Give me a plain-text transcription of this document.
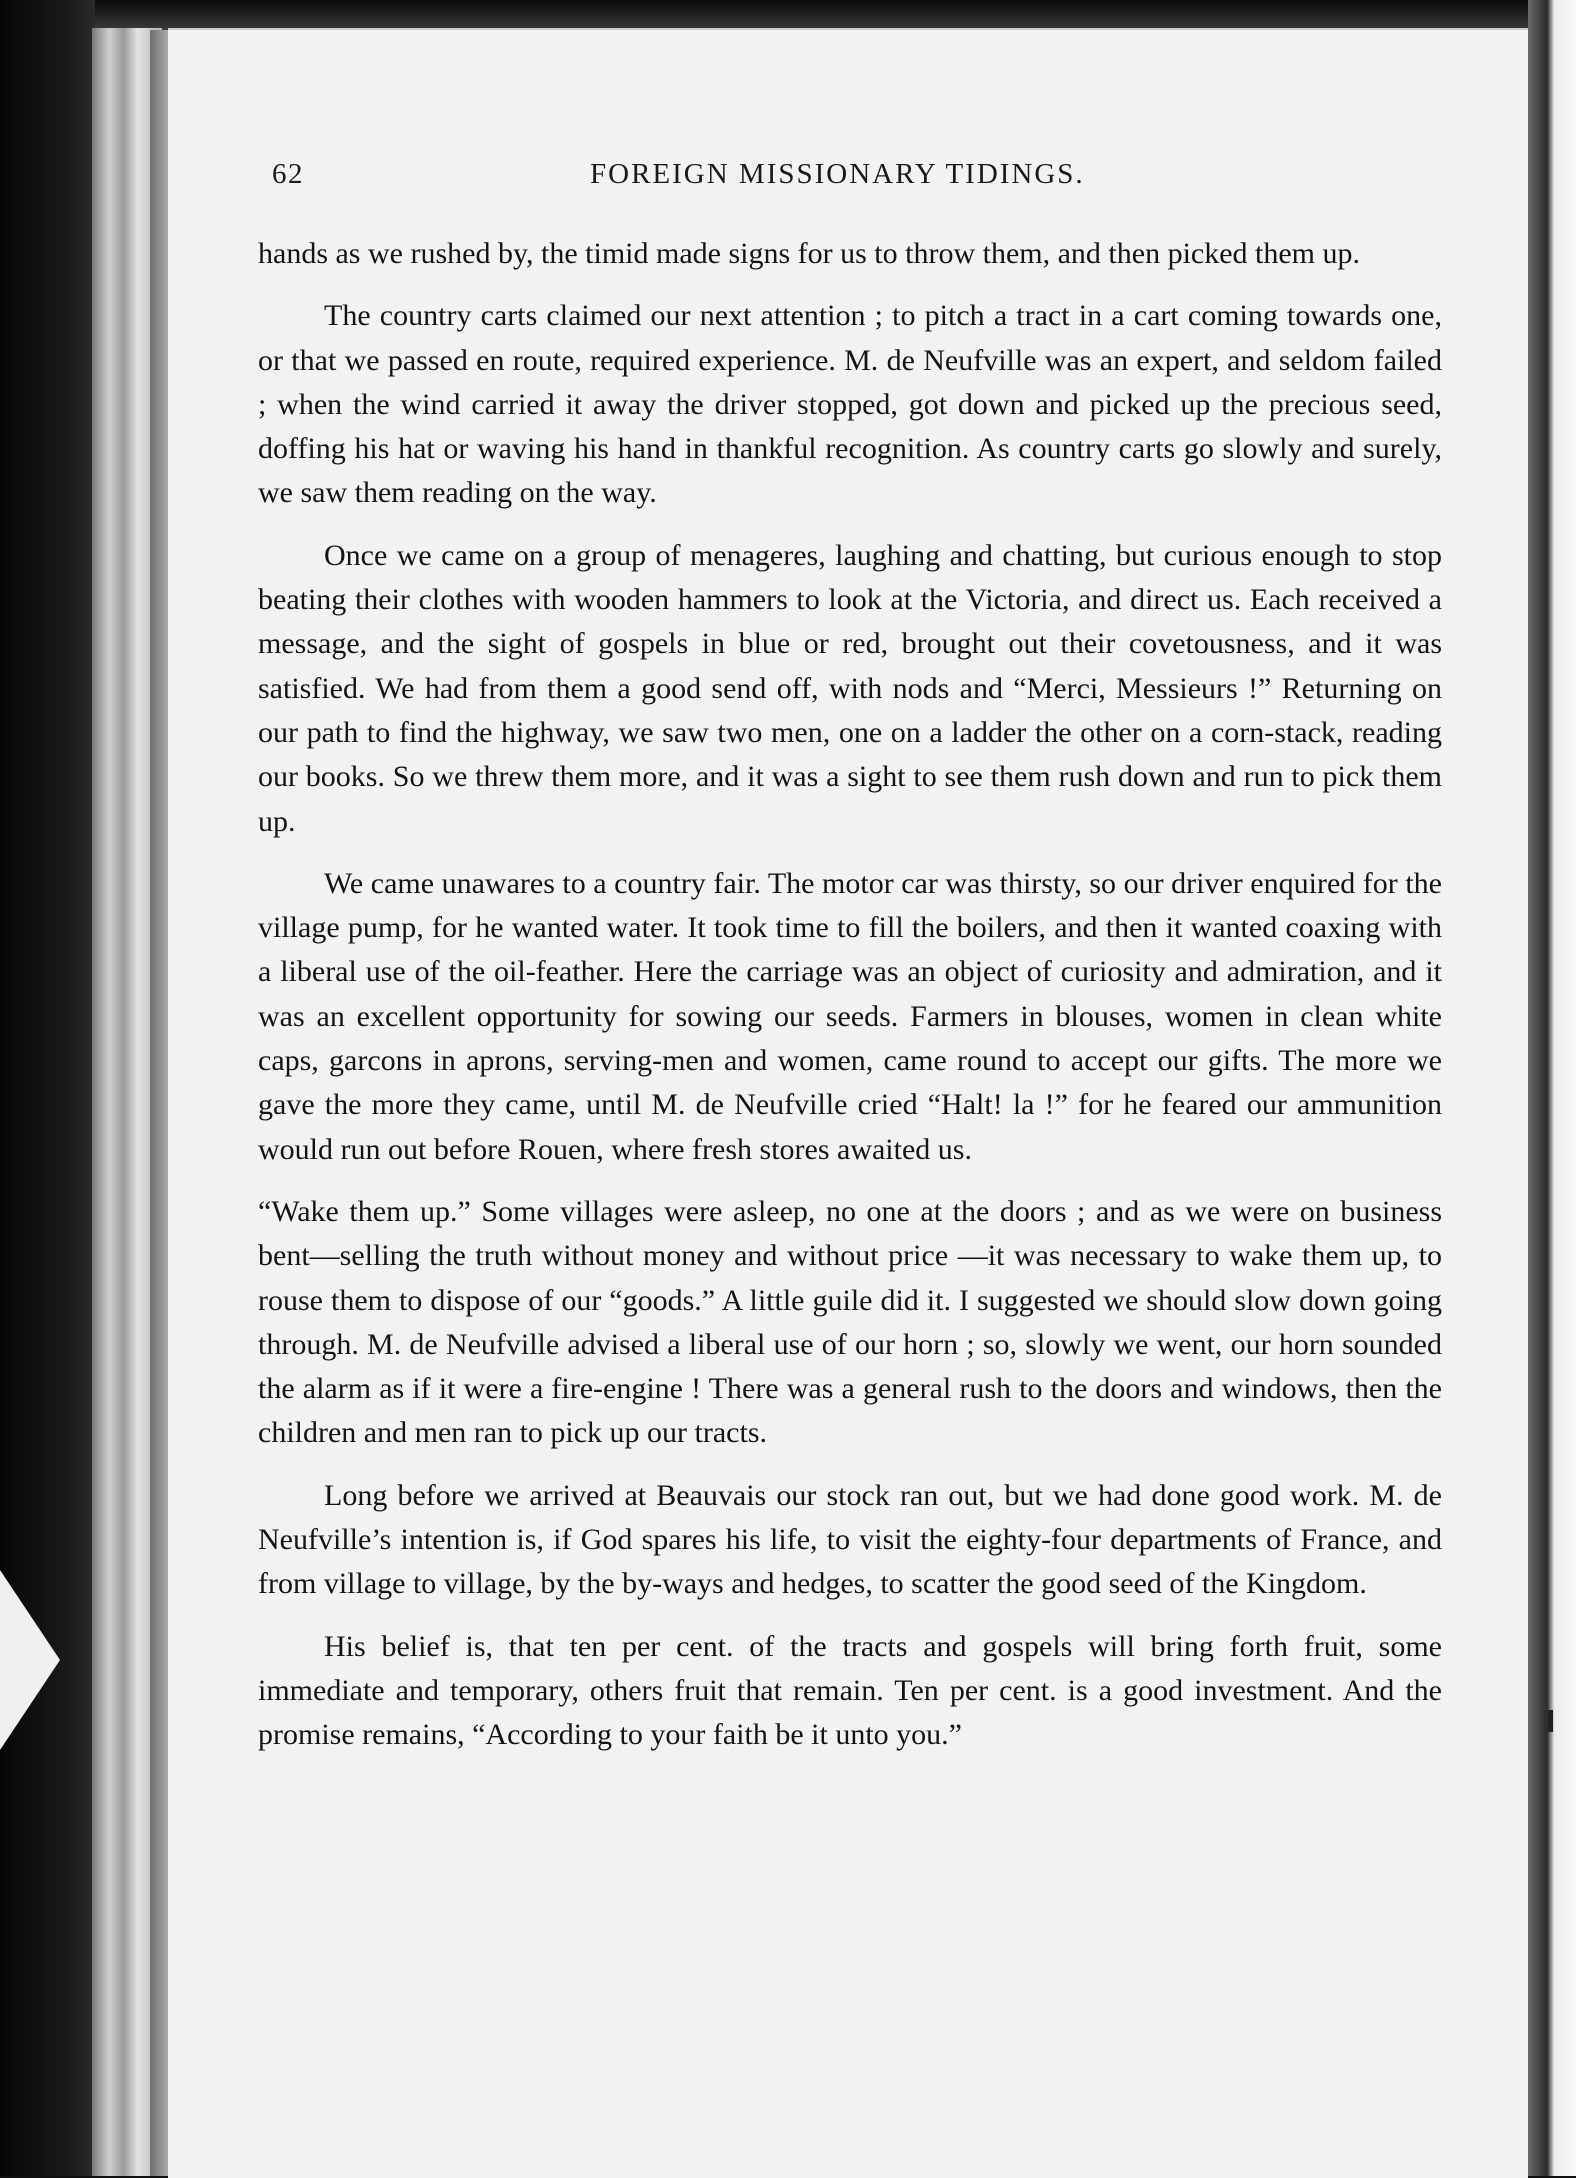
62	FOREIGN MISSIONARY TIDINGS.

hands as we rushed by, the timid made signs for us to throw them, and then picked them up.

The country carts claimed our next attention ; to pitch a tract in a cart coming towards one, or that we passed en route, required experience. M. de Neufville was an expert, and seldom failed ; when the wind carried it away the driver stopped, got down and picked up the precious seed, doffing his hat or waving his hand in thankful recognition. As country carts go slowly and surely, we saw them reading on the way.

Once we came on a group of menageres, laughing and chatting, but curious enough to stop beating their clothes with wooden hammers to look at the Victoria, and direct us. Each received a message, and the sight of gospels in blue or red, brought out their covetousness, and it was satisfied. We had from them a good send off, with nods and “Merci, Messieurs !” Returning on our path to find the highway, we saw two men, one on a ladder the other on a corn-stack, reading our books. So we threw them more, and it was a sight to see them rush down and run to pick them up.

We came unawares to a country fair. The motor car was thirsty, so our driver enquired for the village pump, for he wanted water. It took time to fill the boilers, and then it wanted coaxing with a liberal use of the oil-feather. Here the carriage was an object of curiosity and admiration, and it was an excellent opportunity for sowing our seeds. Farmers in blouses, women in clean white caps, garcons in aprons, serving-men and women, came round to accept our gifts. The more we gave the more they came, until M. de Neufville cried “Halt! la !” for he feared our ammunition would run out before Rouen, where fresh stores awaited us.

“Wake them up.” Some villages were asleep, no one at the doors ; and as we were on business bent—selling the truth without money and without price —it was necessary to wake them up, to rouse them to dispose of our “goods.” A little guile did it. I suggested we should slow down going through. M. de Neufville advised a liberal use of our horn ; so, slowly we went, our horn sounded the alarm as if it were a fire-engine ! There was a general rush to the doors and windows, then the children and men ran to pick up our tracts.

Long before we arrived at Beauvais our stock ran out, but we had done good work. M. de Neufville’s intention is, if God spares his life, to visit the eighty-four departments of France, and from village to village, by the by-ways and hedges, to scatter the good seed of the Kingdom.

His belief is, that ten per cent. of the tracts and gospels will bring forth fruit, some immediate and temporary, others fruit that remain. Ten per cent. is a good investment. And the promise remains, “According to your faith be it unto you.”
